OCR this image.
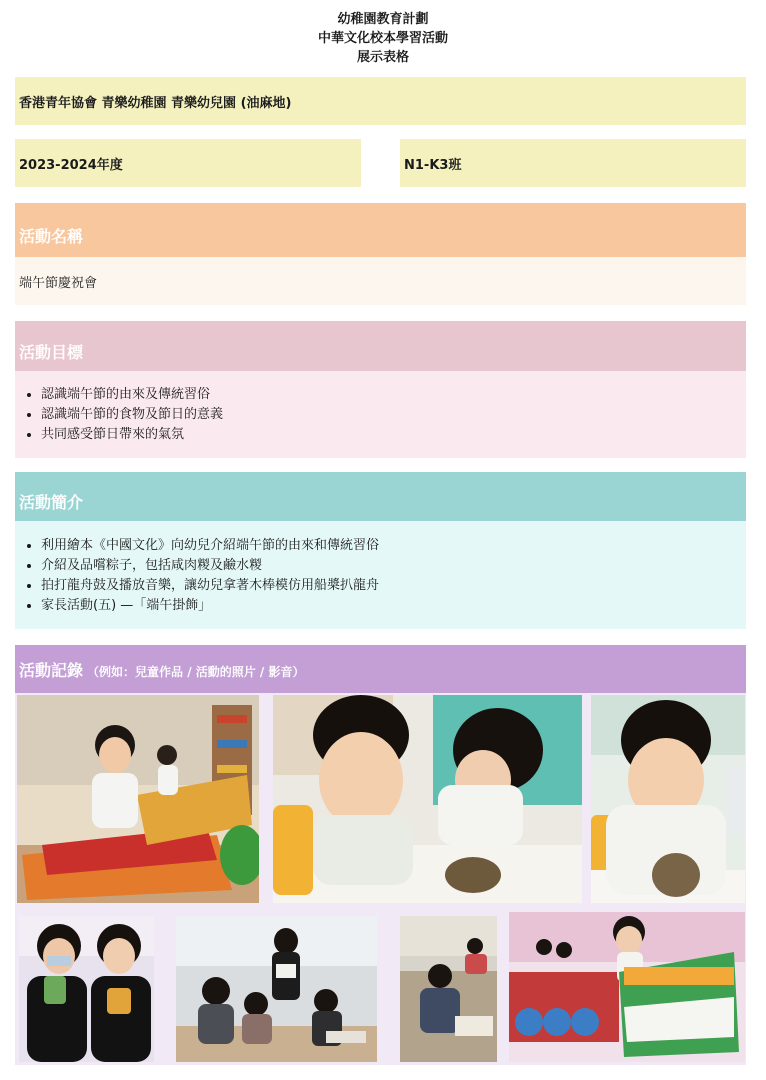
幼稚園教育計劃
中華文化校本學習活動
展示表格
香港青年協會 青樂幼稚園 青樂幼兒園 (油麻地)
2023-2024年度	N1-K3班
活動名稱
端午節慶祝會
活動目標
• 認識端午節的由來及傳統習俗
• 認識端午節的食物及節日的意義
• 共同感受節日帶來的氣氛
活動簡介
• 利用繪本《中國文化》向幼兒介紹端午節的由來和傳統習俗
• 介紹及品嚐粽子，包括咸肉糉及鹼水糉
• 拍打龍舟鼓及播放音樂，讓幼兒拿著木棒模仿用船槳扒龍舟
• 家長活動(五) —「端午掛飾」
活動記錄 （例如：兒童作品 / 活動的照片 / 影音）
